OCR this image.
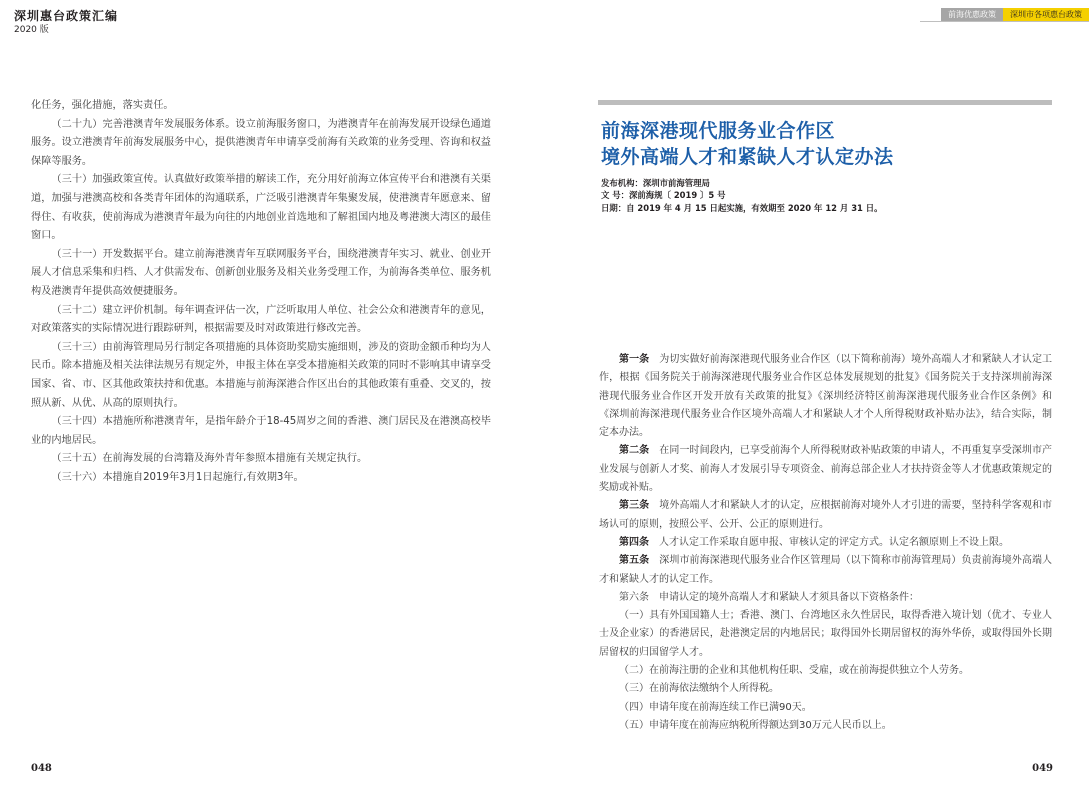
深圳惠台政策汇编
2020 版

化任务，强化措施，落实责任。

（二十九）完善港澳青年发展服务体系。设立前海服务窗口，为港澳青年在前海发展开设绿色通道服务。设立港澳青年前海发展服务中心，提供港澳青年申请享受前海有关政策的业务受理、咨询和权益保障等服务。

（三十）加强政策宣传。认真做好政策举措的解读工作，充分用好前海立体宣传平台和港澳有关渠道，加强与港澳高校和各类青年团体的沟通联系，广泛吸引港澳青年集聚发展，使港澳青年愿意来、留得住、有收获，使前海成为港澳青年最为向往的内地创业首选地和了解祖国内地及粤港澳大湾区的最佳窗口。

（三十一）开发数据平台。建立前海港澳青年互联网服务平台，围绕港澳青年实习、就业、创业开展人才信息采集和归档、人才供需发布、创新创业服务及相关业务受理工作，为前海各类单位、服务机构及港澳青年提供高效便捷服务。

（三十二）建立评价机制。每年调查评估一次，广泛听取用人单位、社会公众和港澳青年的意见，对政策落实的实际情况进行跟踪研判，根据需要及时对政策进行修改完善。

（三十三）由前海管理局另行制定各项措施的具体资助奖励实施细则，涉及的资助金额币种均为人民币。除本措施及相关法律法规另有规定外，申报主体在享受本措施相关政策的同时不影响其申请享受国家、省、市、区其他政策扶持和优惠。本措施与前海深港合作区出台的其他政策有重叠、交叉的，按照从新、从优、从高的原则执行。

（三十四）本措施所称港澳青年，是指年龄介于18-45周岁之间的香港、澳门居民及在港澳高校毕业的内地居民。

（三十五）在前海发展的台湾籍及海外青年参照本措施有关规定执行。

（三十六）本措施自2019年3月1日起施行,有效期3年。

048
前海优惠政策	深圳市各项惠台政策
前海深港现代服务业合作区
境外高端人才和紧缺人才认定办法
发布机构：深圳市前海管理局
文 号：深前海规〔 2019 〕5 号
日期：自 2019 年 4 月 15 日起实施，有效期至 2020 年 12 月 31 日。

第一条　 为切实做好前海深港现代服务业合作区（以下简称前海）境外高端人才和紧缺人才认定工作，根据《国务院关于前海深港现代服务业合作区总体发展规划的批复》《国务院关于支持深圳前海深港现代服务业合作区开发开放有关政策的批复》《深圳经济特区前海深港现代服务业合作区条例》和《深圳前海深港现代服务业合作区境外高端人才和紧缺人才个人所得税财政补贴办法》，结合实际，制定本办法。

第二条　 在同一时间段内，已享受前海个人所得税财政补贴政策的申请人，不再重复享受深圳市产业发展与创新人才奖、前海人才发展引导专项资金、前海总部企业人才扶持资金等人才优惠政策规定的奖励或补贴。

第三条　 境外高端人才和紧缺人才的认定，应根据前海对境外人才引进的需要，坚持科学客观和市场认可的原则，按照公平、公开、公正的原则进行。

第四条　 人才认定工作采取自愿申报、审核认定的评定方式。认定名额原则上不设上限。

第五条　 深圳市前海深港现代服务业合作区管理局（以下简称市前海管理局）负责前海境外高端人才和紧缺人才的认定工作。

第六条　申请认定的境外高端人才和紧缺人才须具备以下资格条件：

（一）具有外国国籍人士；香港、澳门、台湾地区永久性居民，取得香港入境计划（优才、专业人士及企业家）的香港居民，赴港澳定居的内地居民；取得国外长期居留权的海外华侨，或取得国外长期居留权的归国留学人才。

（二）在前海注册的企业和其他机构任职、受雇，或在前海提供独立个人劳务。

（三）在前海依法缴纳个人所得税。

（四）申请年度在前海连续工作已满90天。

（五）申请年度在前海应纳税所得额达到30万元人民币以上。

049
